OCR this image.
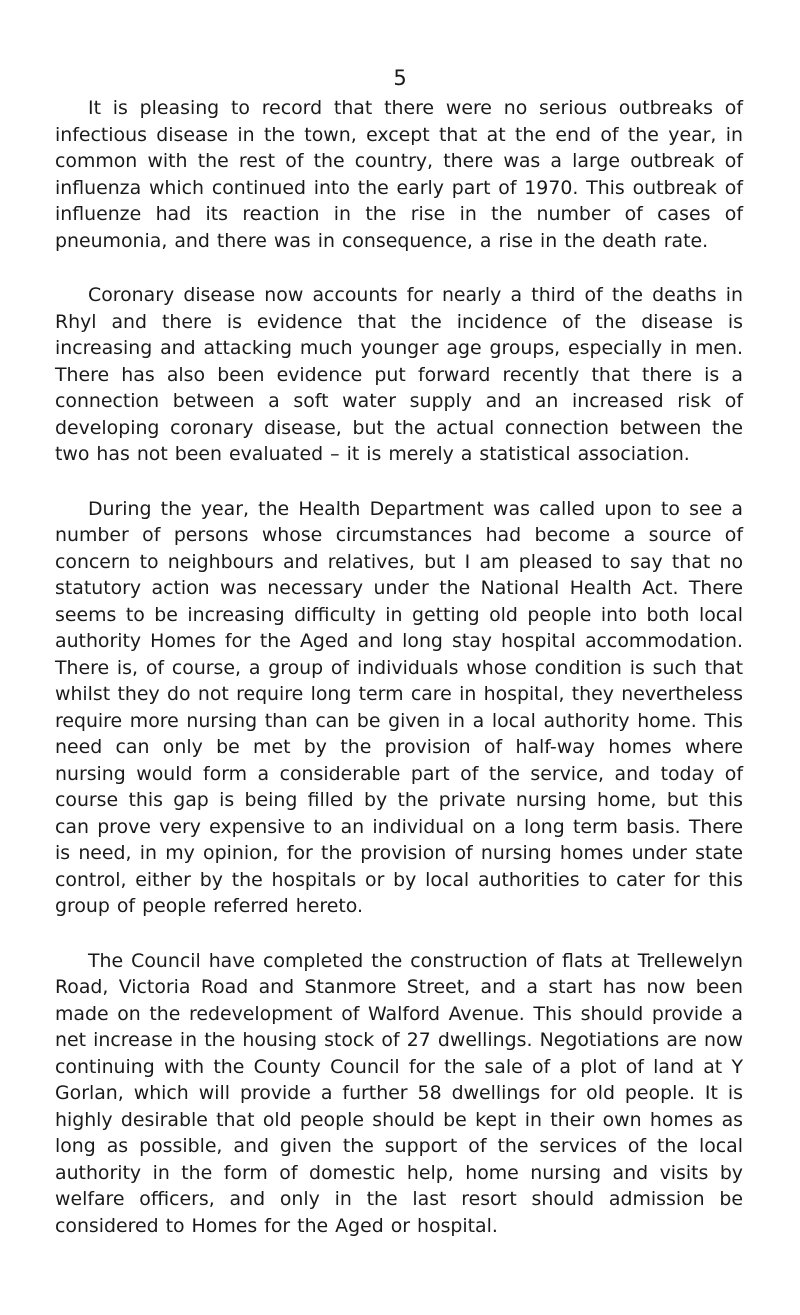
5

It is pleasing to record that there were no serious outbreaks of infectious disease in the town, except that at the end of the year, in common with the rest of the country, there was a large outbreak of influenza which continued into the early part of 1970. This outbreak of influenze had its reaction in the rise in the number of cases of pneumonia, and there was in consequence, a rise in the death rate.

Coronary disease now accounts for nearly a third of the deaths in Rhyl and there is evidence that the incidence of the disease is increasing and attacking much younger age groups, especially in men. There has also been evidence put forward recently that there is a connection between a soft water supply and an increased risk of developing coronary disease, but the actual connection between the two has not been evaluated – it is merely a statistical association.

During the year, the Health Department was called upon to see a number of persons whose circumstances had become a source of concern to neighbours and relatives, but I am pleased to say that no statutory action was necessary under the National Health Act. There seems to be increasing difficulty in getting old people into both local authority Homes for the Aged and long stay hospital accommodation. There is, of course, a group of individuals whose condition is such that whilst they do not require long term care in hospital, they nevertheless require more nursing than can be given in a local authority home. This need can only be met by the provision of half-way homes where nursing would form a considerable part of the service, and today of course this gap is being filled by the private nursing home, but this can prove very expensive to an individual on a long term basis. There is need, in my opinion, for the provision of nursing homes under state control, either by the hospitals or by local authorities to cater for this group of people referred hereto.

The Council have completed the construction of flats at Trellewelyn Road, Victoria Road and Stanmore Street, and a start has now been made on the redevelopment of Walford Avenue. This should provide a net increase in the housing stock of 27 dwellings. Negotiations are now continuing with the County Council for the sale of a plot of land at Y Gorlan, which will provide a further 58 dwellings for old people. It is highly desirable that old people should be kept in their own homes as long as possible, and given the support of the services of the local authority in the form of domestic help, home nursing and visits by welfare officers, and only in the last resort should admission be considered to Homes for the Aged or hospital.
